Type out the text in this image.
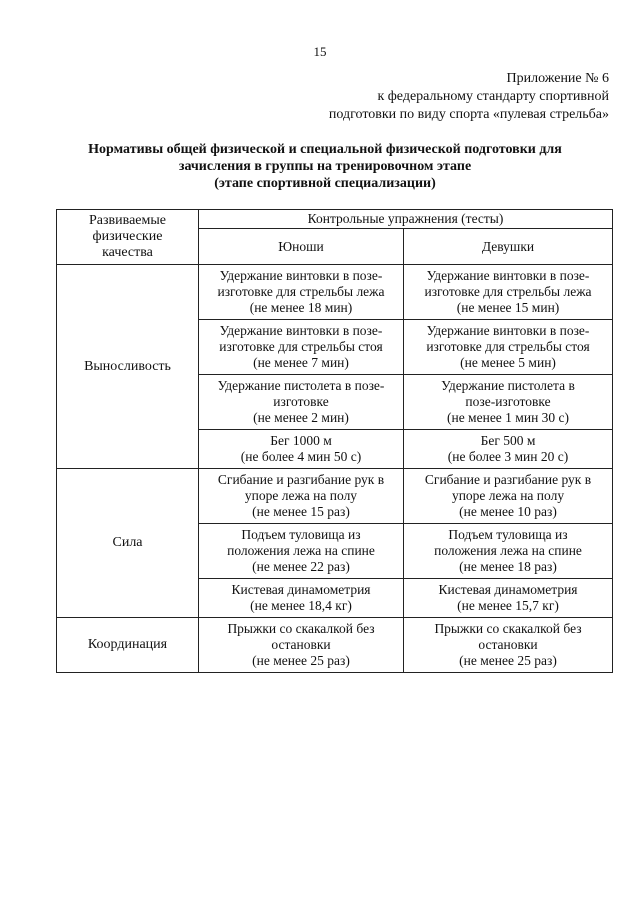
15
Приложение № 6
к федеральному стандарту спортивной
подготовки по виду спорта «пулевая стрельба»
Нормативы общей физической и специальной физической подготовки для
зачисления в группы на тренировочном этапе
(этапе спортивной специализации)
Развиваемые
физические
качества	Контрольные упражнения (тесты)	

	Юноши	Девушки

Выносливость	Удержание винтовки в позе-
изготовке для стрельбы лежа
(не менее 18 мин)	Удержание винтовки в позе-
изготовке для стрельбы лежа
(не менее 15 мин)

	Удержание винтовки в позе-
изготовке для стрельбы стоя
(не менее 7 мин)	Удержание винтовки в позе-
изготовке для стрельбы стоя
(не менее 5 мин)

	Удержание пистолета в позе-
изготовке
(не менее 2 мин)	Удержание пистолета в
позе-изготовке
(не менее 1 мин 30 с)

	Бег 1000 м
(не более 4 мин 50 с)	Бег 500 м
(не более 3 мин 20 с)

Сила	Сгибание и разгибание рук в
упоре лежа на полу
(не менее 15 раз)	Сгибание и разгибание рук в
упоре лежа на полу
(не менее 10 раз)

	Подъем туловища из
положения лежа на спине
(не менее 22 раз)	Подъем туловища из
положения лежа на спине
(не менее 18 раз)

	Кистевая динамометрия
(не менее 18,4 кг)	Кистевая динамометрия
(не менее 15,7 кг)

Координация	Прыжки со скакалкой без
остановки
(не менее 25 раз)	Прыжки со скакалкой без
остановки
(не менее 25 раз)
